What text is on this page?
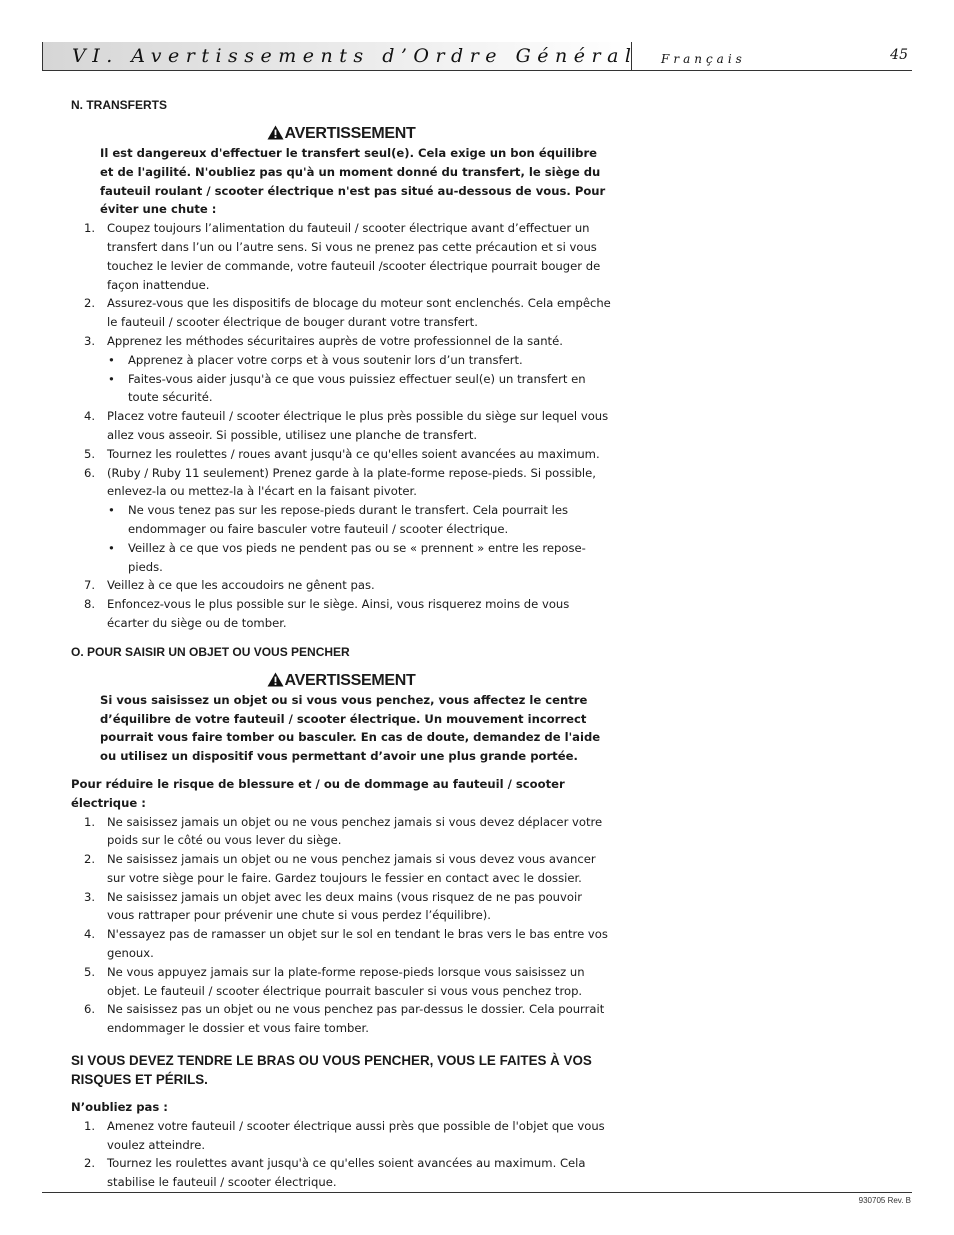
VI. Avertissements d’Ordre Général Français	45

N. TRANSFERTS

AVERTISSEMENT

Il est dangereux d'effectuer le transfert seul(e). Cela exige un bon équilibre et de l'agilité. N'oubliez pas qu'à un moment donné du transfert, le siège du fauteuil roulant / scooter électrique n'est pas situé au-dessous de vous. Pour éviter une chute :

1. Coupez toujours l’alimentation du fauteuil / scooter électrique avant d’effectuer un transfert dans l’un ou l’autre sens. Si vous ne prenez pas cette précaution et si vous touchez le levier de commande, votre fauteuil /scooter électrique pourrait bouger de façon inattendue.
2. Assurez-vous que les dispositifs de blocage du moteur sont enclenchés. Cela empêche le fauteuil / scooter électrique de bouger durant votre transfert.
3. Apprenez les méthodes sécuritaires auprès de votre professionnel de la santé.
• Apprenez à placer votre corps et à vous soutenir lors d’un transfert.
• Faites-vous aider jusqu'à ce que vous puissiez effectuer seul(e) un transfert en toute sécurité.
4. Placez votre fauteuil / scooter électrique le plus près possible du siège sur lequel vous allez vous asseoir. Si possible, utilisez une planche de transfert.
5. Tournez les roulettes / roues avant jusqu'à ce qu'elles soient avancées au maximum.
6. (Ruby / Ruby 11 seulement) Prenez garde à la plate-forme repose-pieds. Si possible, enlevez-la ou mettez-la à l'écart en la faisant pivoter.
• Ne vous tenez pas sur les repose-pieds durant le transfert. Cela pourrait les endommager ou faire basculer votre fauteuil / scooter électrique.
• Veillez à ce que vos pieds ne pendent pas ou se « prennent » entre les repose-pieds.
7. Veillez à ce que les accoudoirs ne gênent pas.
8. Enfoncez-vous le plus possible sur le siège. Ainsi, vous risquerez moins de vous écarter du siège ou de tomber.

O. POUR SAISIR UN OBJET OU VOUS PENCHER

AVERTISSEMENT

Si vous saisissez un objet ou si vous vous penchez, vous affectez le centre d’équilibre de votre fauteuil / scooter électrique. Un mouvement incorrect pourrait vous faire tomber ou basculer. En cas de doute, demandez de l'aide ou utilisez un dispositif vous permettant d’avoir une plus grande portée.

Pour réduire le risque de blessure et / ou de dommage au fauteuil / scooter électrique :

1. Ne saisissez jamais un objet ou ne vous penchez jamais si vous devez déplacer votre poids sur le côté ou vous lever du siège.
2. Ne saisissez jamais un objet ou ne vous penchez jamais si vous devez vous avancer sur votre siège pour le faire. Gardez toujours le fessier en contact avec le dossier.
3. Ne saisissez jamais un objet avec les deux mains (vous risquez de ne pas pouvoir vous rattraper pour prévenir une chute si vous perdez l’équilibre).
4. N'essayez pas de ramasser un objet sur le sol en tendant le bras vers le bas entre vos genoux.
5. Ne vous appuyez jamais sur la plate-forme repose-pieds lorsque vous saisissez un objet. Le fauteuil / scooter électrique pourrait basculer si vous vous penchez trop.
6. Ne saisissez pas un objet ou ne vous penchez pas par-dessus le dossier. Cela pourrait endommager le dossier et vous faire tomber.

SI VOUS DEVEZ TENDRE LE BRAS OU VOUS PENCHER, VOUS LE FAITES À VOS RISQUES ET PÉRILS.

N’oubliez pas :

1. Amenez votre fauteuil / scooter électrique aussi près que possible de l'objet que vous voulez atteindre.
2. Tournez les roulettes avant jusqu'à ce qu'elles soient avancées au maximum. Cela stabilise le fauteuil / scooter électrique.
930705 Rev. B
